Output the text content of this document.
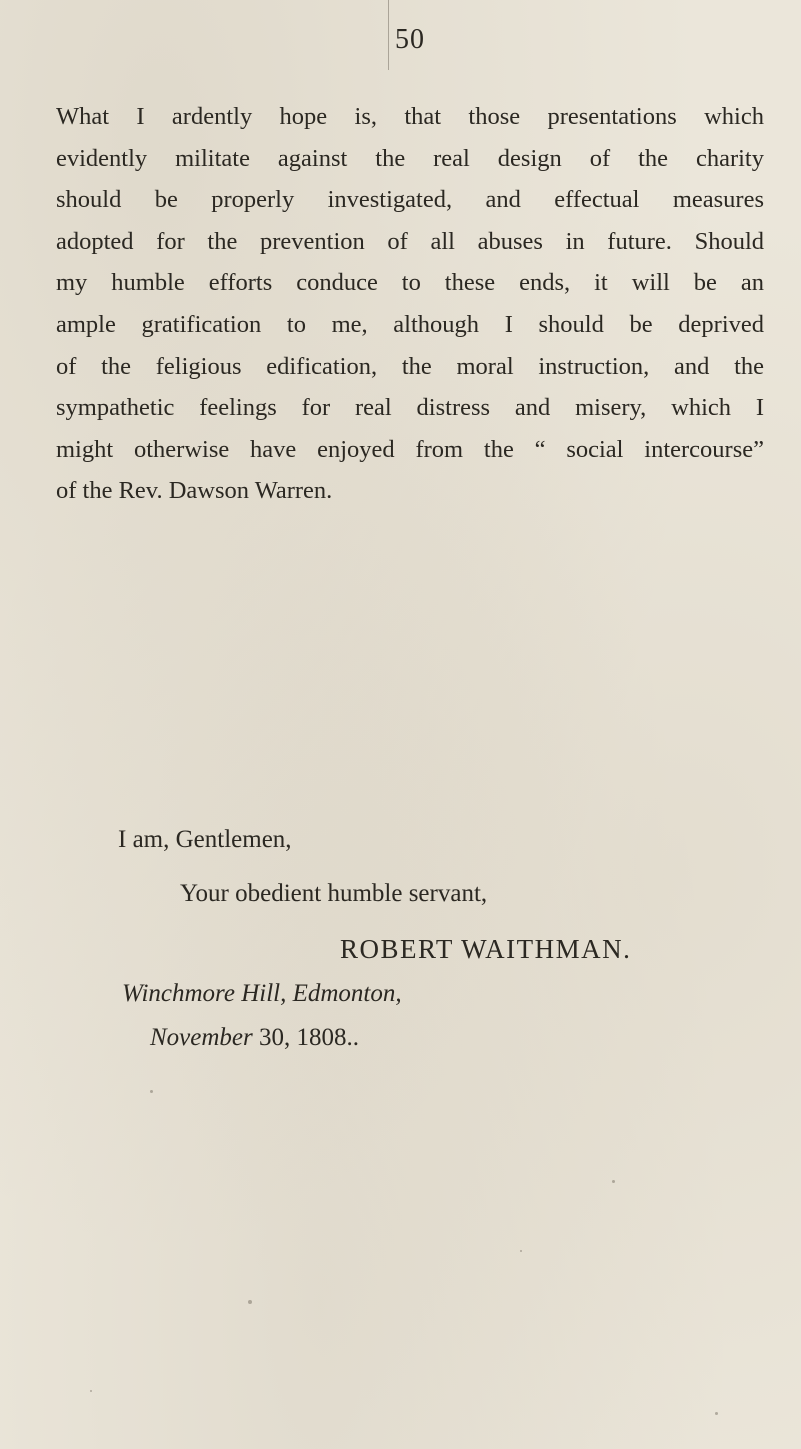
50
What I ardently hope is, that those presentations which
evidently militate against the real design of the charity
should be properly investigated, and effectual measures
adopted for the prevention of all abuses in future. Should
my humble efforts conduce to these ends, it will be an
ample gratification to me, although I should be deprived
of the feligious edification, the moral instruction, and the
sympathetic feelings for real distress and misery, which I
might otherwise have enjoyed from the “ social intercourse”
of the Rev. Dawson Warren.
I am, Gentlemen,
Your obedient humble servant,
ROBERT WAITHMAN.
Winchmore Hill, Edmonton,
November 30, 1808..
